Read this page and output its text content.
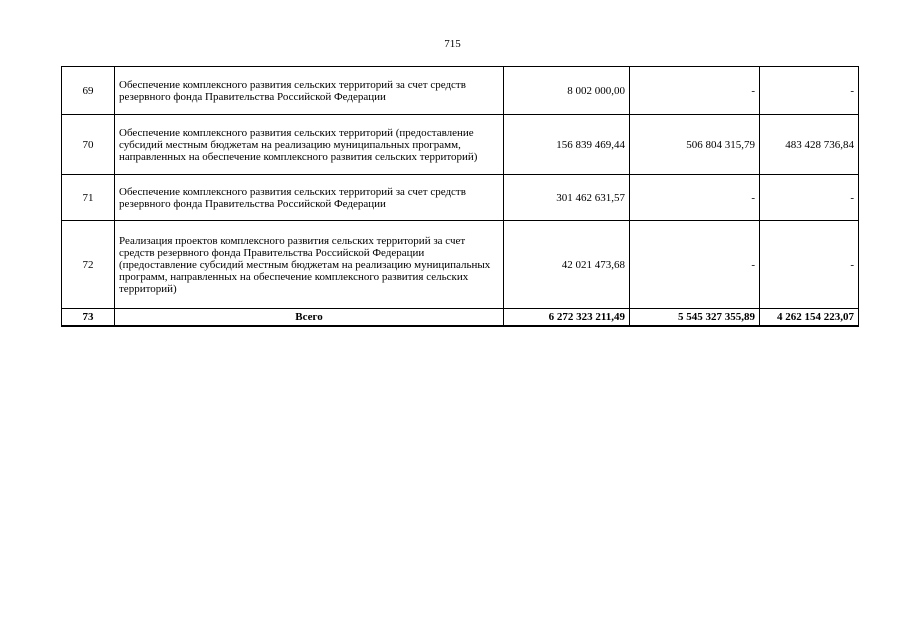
715
69	Обеспечение комплексного развития сельских территорий за счет средств резервного фонда Правительства Российской Федерации	8 002 000,00	-	-
70	Обеспечение комплексного развития сельских территорий (предоставление субсидий местным бюджетам на реализацию муниципальных программ, направленных на обеспечение комплексного развития сельских территорий)	156 839 469,44	506 804 315,79	483 428 736,84
71	Обеспечение комплексного развития сельских территорий за счет средств резервного фонда Правительства Российской Федерации	301 462 631,57	-	-
72	Реализация проектов комплексного развития сельских территорий за счет средств резервного фонда Правительства Российской Федерации (предоставление субсидий местным бюджетам на реализацию муниципальных программ, направленных на обеспечение комплексного развития сельских территорий)	42 021 473,68	-	-
73	Всего	6 272 323 211,49	5 545 327 355,89	4 262 154 223,07
